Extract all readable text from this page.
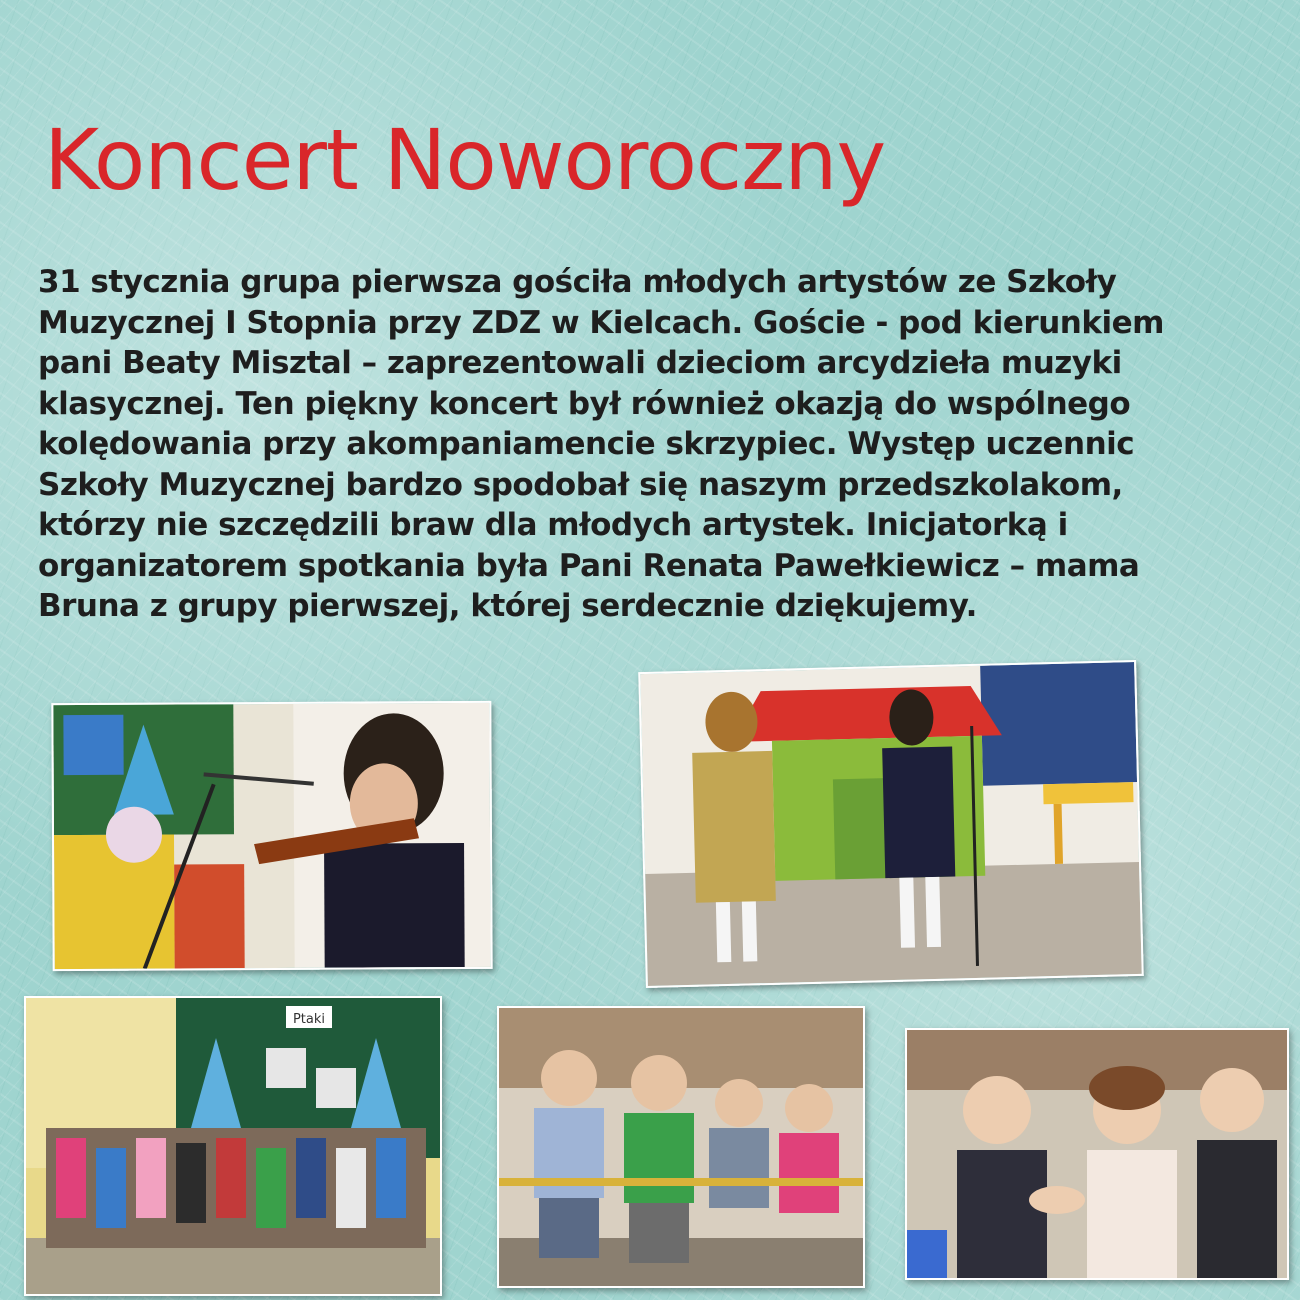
Koncert Noworoczny

31 stycznia grupa pierwsza gościła młodych artystów ze Szkoły Muzycznej I Stopnia przy ZDZ w Kielcach. Goście - pod kierunkiem pani Beaty Misztal – zaprezentowali dzieciom arcydzieła muzyki klasycznej. Ten piękny koncert był również okazją do wspólnego kolędowania przy akompaniamencie skrzypiec. Występ uczennic Szkoły Muzycznej bardzo spodobał się naszym przedszkolakom, którzy nie szczędzili braw dla młodych artystek. Inicjatorką i organizatorem spotkania była Pani Renata Pawełkiewicz – mama Bruna z grupy pierwszej, której serdecznie dziękujemy.

Ptaki
